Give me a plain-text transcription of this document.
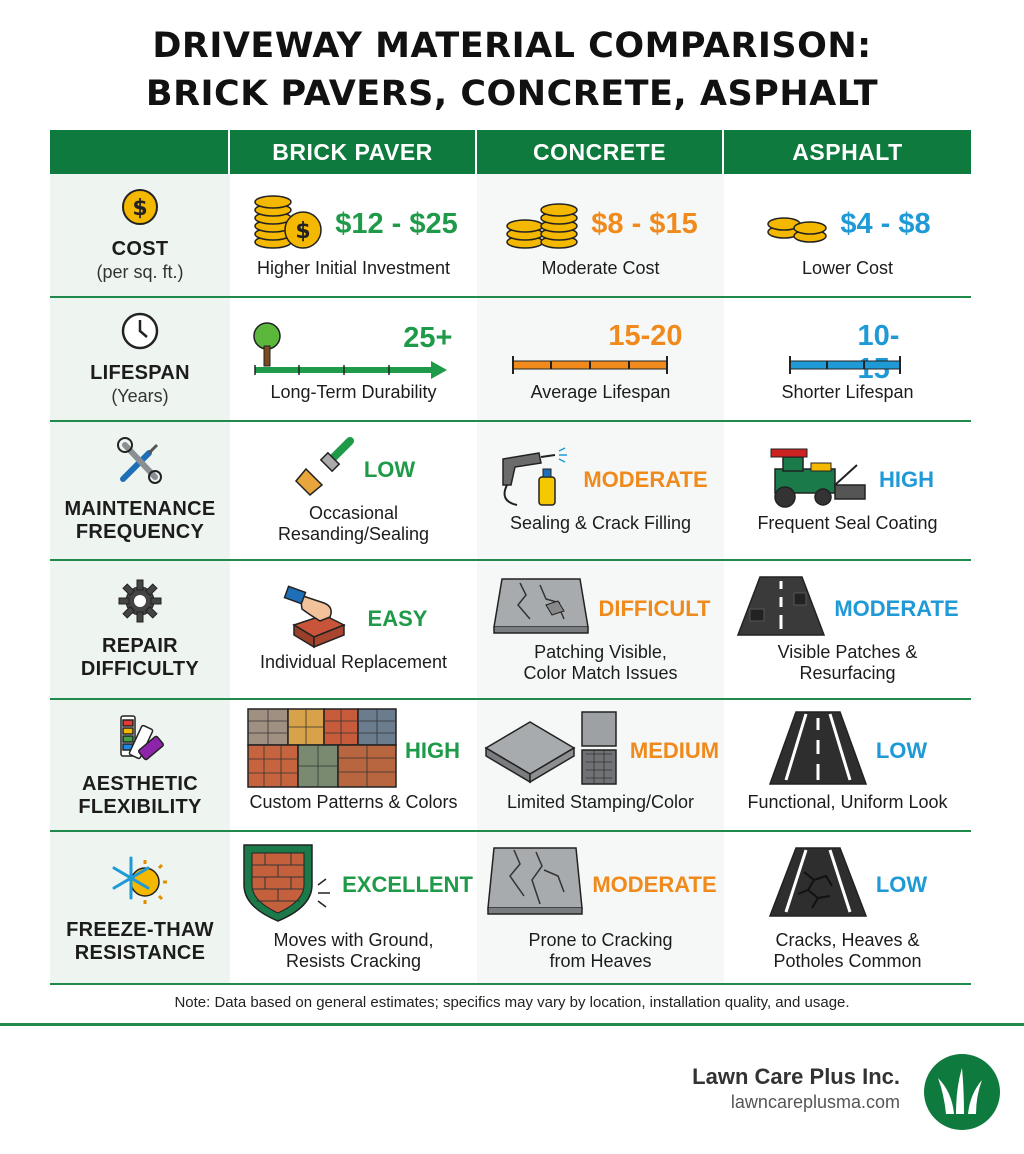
DRIVEWAY MATERIAL COMPARISON:
BRICK PAVERS, CONCRETE, ASPHALT
BRICK PAVER	CONCRETE	ASPHALT
$
COST
(per sq. ft.)
$ $12 - $25
Higher Initial Investment
$8 - $15
Moderate Cost
$4 - $8
Lower Cost
LIFESPAN
(Years)
25+
Long-Term Durability
15-20
Average Lifespan
10-
Shorter Lifespan
MAINTENANCE FREQUENCY
LOW
Occasional Resanding/Sealing
MODERATE
Sealing & Crack Filling
HIGH
Frequent Seal Coating
REPAIR DIFFICULTY
EASY
Individual Replacement
DIFFICULT
Patching Visible, Color Match Issues
MODERATE
Visible Patches & Resurfacing
AESTHETIC FLEXIBILITY
HIGH
Custom Patterns & Colors
MEDIUM
Limited Stamping/Color
LOW
Functional, Uniform Look
FREEZE-THAW RESISTANCE
EXCELLENT
Moves with Ground, Resists Cracking
MODERATE
Prone to Cracking from Heaves
LOW
Cracks, Heaves & Potholes Common
Note: Data based on general estimates; specifics may vary by location, installation quality, and usage.
Lawn Care Plus Inc.
lawncareplusma.com
